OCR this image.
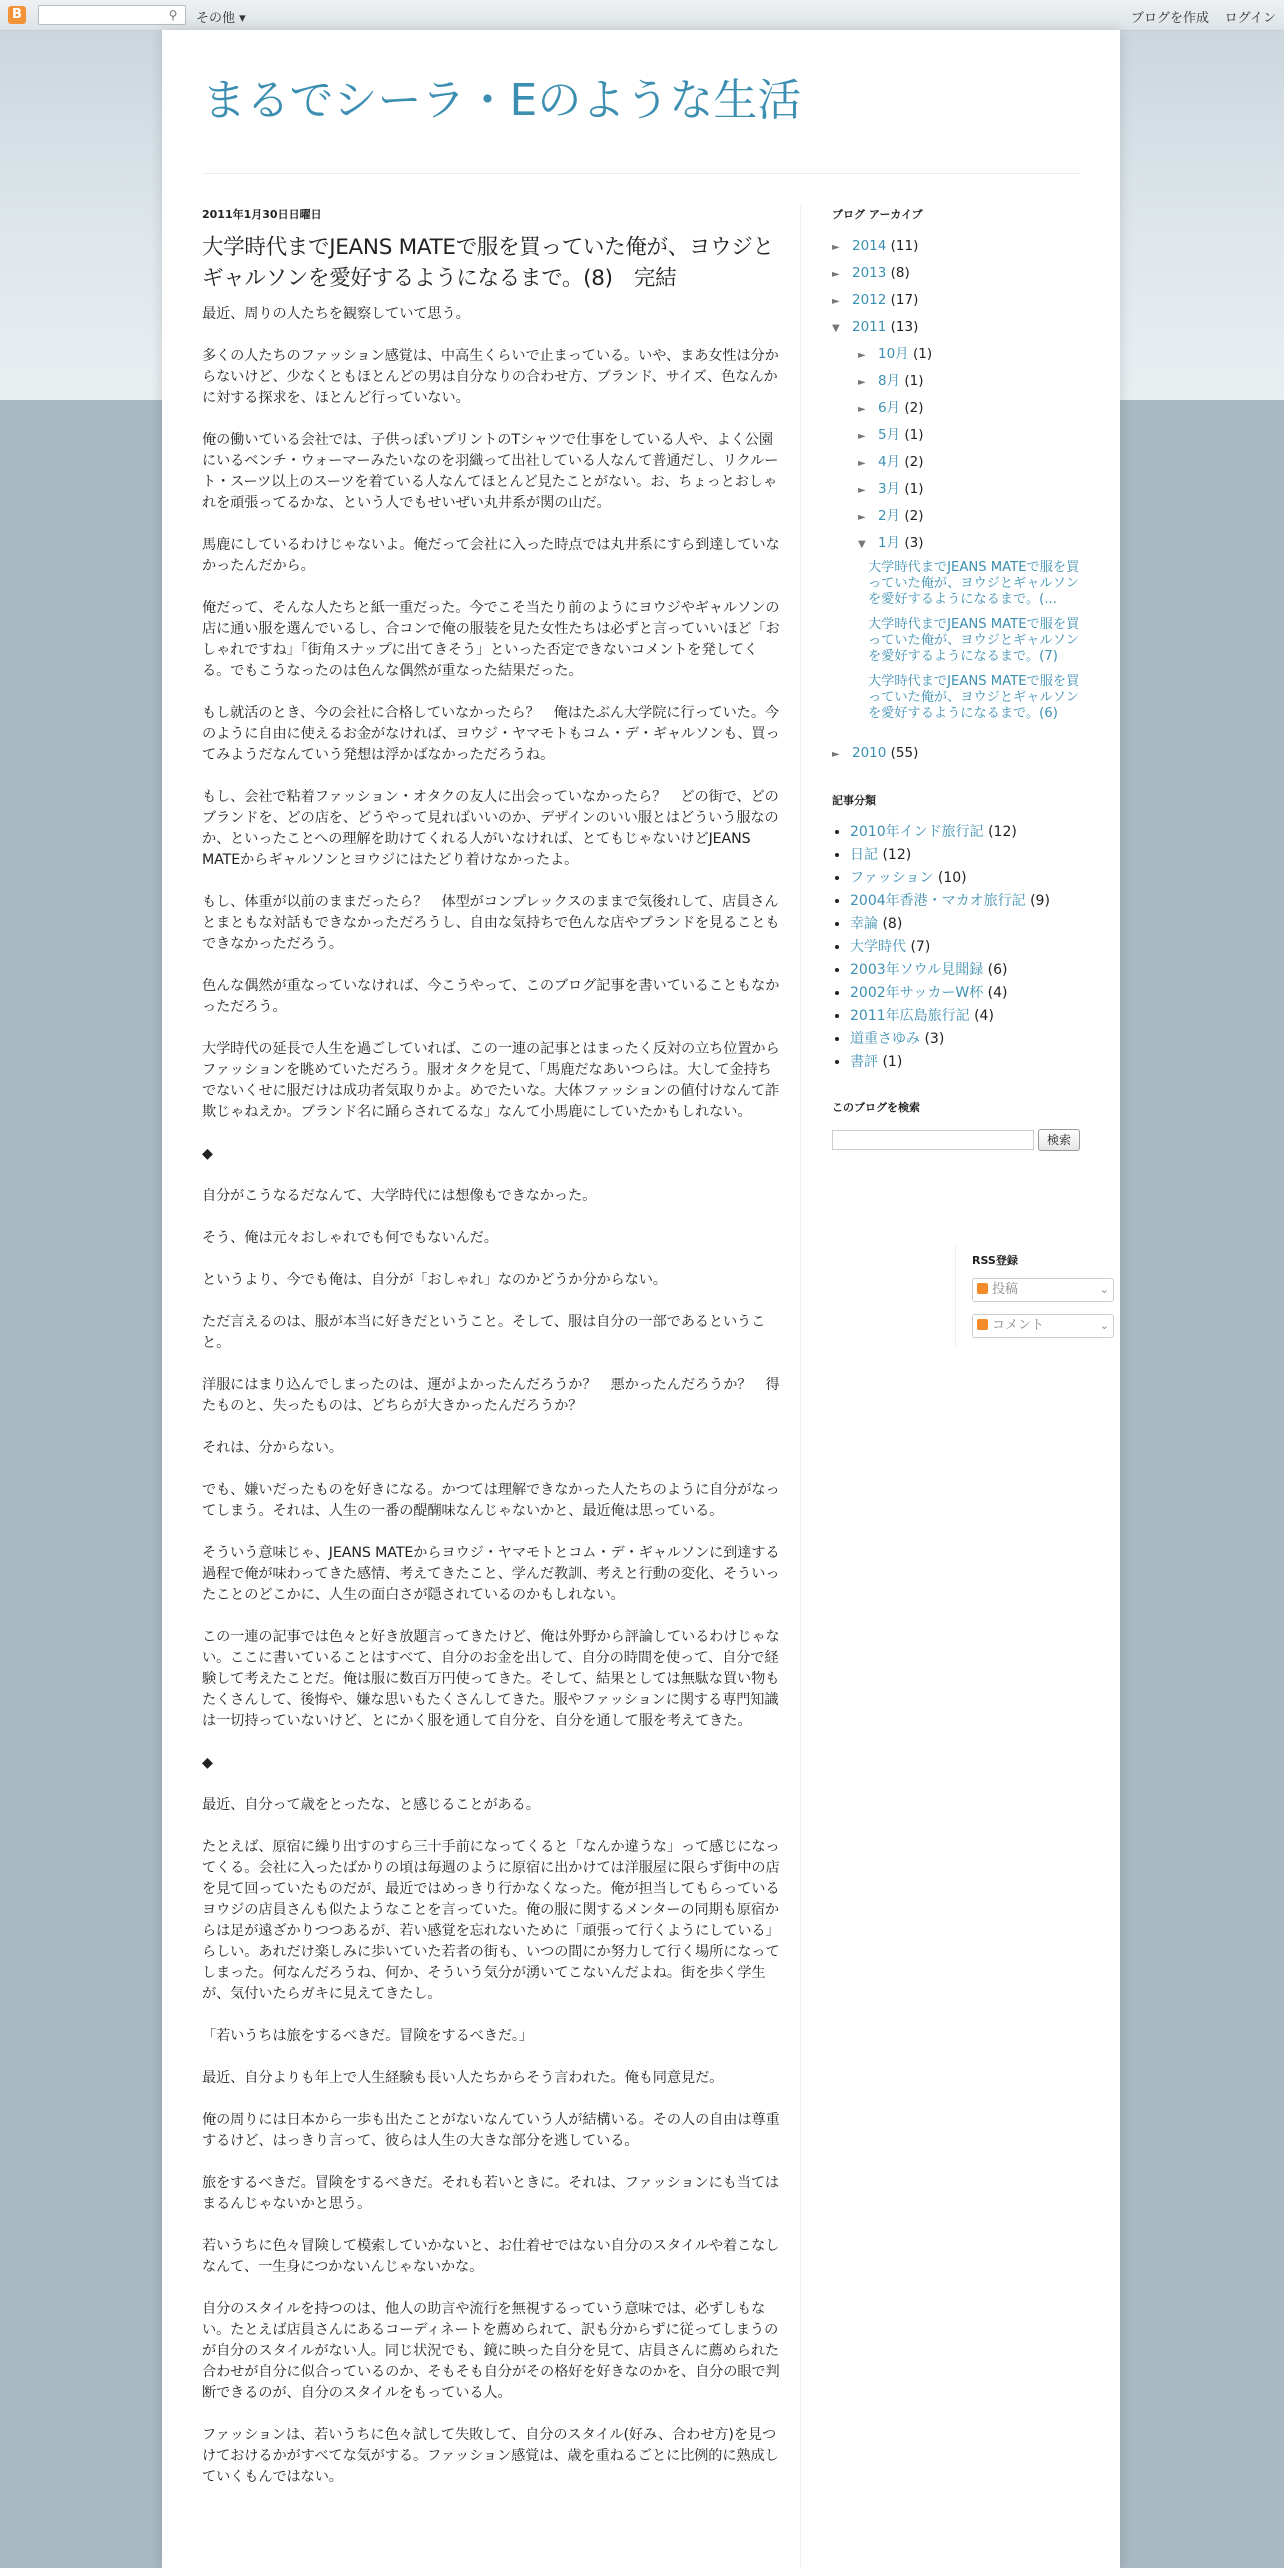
B	⚲	その他 ▾	ブログを作成 ログイン
まるでシーラ・Eのような生活
2011年1月30日日曜日
大学時代までJEANS MATEで服を買っていた俺が、ヨウジとギャルソンを愛好するようになるまで。(8)　完結
最近、周りの人たちを観察していて思う。
多くの人たちのファッション感覚は、中高生くらいで止まっている。いや、まあ女性は分からないけど、少なくともほとんどの男は自分なりの合わせ方、ブランド、サイズ、色なんかに対する探求を、ほとんど行っていない。
俺の働いている会社では、子供っぽいプリントのTシャツで仕事をしている人や、よく公園にいるベンチ・ウォーマーみたいなのを羽織って出社している人なんて普通だし、リクルート・スーツ以上のスーツを着ている人なんてほとんど見たことがない。お、ちょっとおしゃれを頑張ってるかな、という人でもせいぜい丸井系が関の山だ。
馬鹿にしているわけじゃないよ。俺だって会社に入った時点では丸井系にすら到達していなかったんだから。
俺だって、そんな人たちと紙一重だった。今でこそ当たり前のようにヨウジやギャルソンの店に通い服を選んでいるし、合コンで俺の服装を見た女性たちは必ずと言っていいほど「おしゃれですね」「街角スナップに出てきそう」といった否定できないコメントを発してくる。でもこうなったのは色んな偶然が重なった結果だった。
もし就活のとき、今の会社に合格していなかったら？　俺はたぶん大学院に行っていた。今のように自由に使えるお金がなければ、ヨウジ・ヤマモトもコム・デ・ギャルソンも、買ってみようだなんていう発想は浮かばなかっただろうね。
もし、会社で粘着ファッション・オタクの友人に出会っていなかったら？　どの街で、どのブランドを、どの店を、どうやって見ればいいのか、デザインのいい服とはどういう服なのか、といったことへの理解を助けてくれる人がいなければ、とてもじゃないけどJEANS MATEからギャルソンとヨウジにはたどり着けなかったよ。
もし、体重が以前のままだったら？　体型がコンプレックスのままで気後れして、店員さんとまともな対話もできなかっただろうし、自由な気持ちで色んな店やブランドを見ることもできなかっただろう。
色んな偶然が重なっていなければ、今こうやって、このブログ記事を書いていることもなかっただろう。
大学時代の延長で人生を過ごしていれば、この一連の記事とはまったく反対の立ち位置からファッションを眺めていただろう。服オタクを見て、「馬鹿だなあいつらは。大して金持ちでないくせに服だけは成功者気取りかよ。めでたいな。大体ファッションの値付けなんて詐欺じゃねえか。ブランド名に踊らされてるな」なんて小馬鹿にしていたかもしれない。
◆
自分がこうなるだなんて、大学時代には想像もできなかった。
そう、俺は元々おしゃれでも何でもないんだ。
というより、今でも俺は、自分が「おしゃれ」なのかどうか分からない。
ただ言えるのは、服が本当に好きだということ。そして、服は自分の一部であるということ。
洋服にはまり込んでしまったのは、運がよかったんだろうか？　悪かったんだろうか？　得たものと、失ったものは、どちらが大きかったんだろうか？
それは、分からない。
でも、嫌いだったものを好きになる。かつては理解できなかった人たちのように自分がなってしまう。それは、人生の一番の醍醐味なんじゃないかと、最近俺は思っている。
そういう意味じゃ、JEANS MATEからヨウジ・ヤマモトとコム・デ・ギャルソンに到達する過程で俺が味わってきた感情、考えてきたこと、学んだ教訓、考えと行動の変化、そういったことのどこかに、人生の面白さが隠されているのかもしれない。
この一連の記事では色々と好き放題言ってきたけど、俺は外野から評論しているわけじゃない。ここに書いていることはすべて、自分のお金を出して、自分の時間を使って、自分で経験して考えたことだ。俺は服に数百万円使ってきた。そして、結果としては無駄な買い物もたくさんして、後悔や、嫌な思いもたくさんしてきた。服やファッションに関する専門知識は一切持っていないけど、とにかく服を通して自分を、自分を通して服を考えてきた。
◆
最近、自分って歳をとったな、と感じることがある。
たとえば、原宿に繰り出すのすら三十手前になってくると「なんか違うな」って感じになってくる。会社に入ったばかりの頃は毎週のように原宿に出かけては洋服屋に限らず街中の店を見て回っていたものだが、最近ではめっきり行かなくなった。俺が担当してもらっているヨウジの店員さんも似たようなことを言っていた。俺の服に関するメンターの同期も原宿からは足が遠ざかりつつあるが、若い感覚を忘れないために「頑張って行くようにしている」らしい。あれだけ楽しみに歩いていた若者の街も、いつの間にか努力して行く場所になってしまった。何なんだろうね、何か、そういう気分が湧いてこないんだよね。街を歩く学生が、気付いたらガキに見えてきたし。
「若いうちは旅をするべきだ。冒険をするべきだ。」
最近、自分よりも年上で人生経験も長い人たちからそう言われた。俺も同意見だ。
俺の周りには日本から一歩も出たことがないなんていう人が結構いる。その人の自由は尊重するけど、はっきり言って、彼らは人生の大きな部分を逃している。
旅をするべきだ。冒険をするべきだ。それも若いときに。それは、ファッションにも当てはまるんじゃないかと思う。
若いうちに色々冒険して模索していかないと、お仕着せではない自分のスタイルや着こなしなんて、一生身につかないんじゃないかな。
自分のスタイルを持つのは、他人の助言や流行を無視するっていう意味では、必ずしもない。たとえば店員さんにあるコーディネートを薦められて、訳も分からずに従ってしまうのが自分のスタイルがない人。同じ状況でも、鏡に映った自分を見て、店員さんに薦められた合わせが自分に似合っているのか、そもそも自分がその格好を好きなのかを、自分の眼で判断できるのが、自分のスタイルをもっている人。
ファッションは、若いうちに色々試して失敗して、自分のスタイル(好み、合わせ方)を見つけておけるかがすべてな気がする。ファッション感覚は、歳を重ねるごとに比例的に熟成していくもんではない。
ブログ アーカイブ
► 2014 (11)
► 2013 (8)
► 2012 (17)
▼ 2011 (13)
► 10月 (1)
► 8月 (1)
► 6月 (2)
► 5月 (1)
► 4月 (2)
► 3月 (1)
► 2月 (2)
▼ 1月 (3)
大学時代までJEANS MATEで服を買っていた俺が、ヨウジとギャルソンを愛好するようになるまで。(...
大学時代までJEANS MATEで服を買っていた俺が、ヨウジとギャルソンを愛好するようになるまで。(7)
大学時代までJEANS MATEで服を買っていた俺が、ヨウジとギャルソンを愛好するようになるまで。(6)
► 2010 (55)
記事分類
• 2010年インド旅行記 (12)
• 日記 (12)
• ファッション (10)
• 2004年香港・マカオ旅行記 (9)
• 幸論 (8)
• 大学時代 (7)
• 2003年ソウル見聞録 (6)
• 2002年サッカーW杯 (4)
• 2011年広島旅行記 (4)
• 道重さゆみ (3)
• 書評 (1)
このブログを検索
検索
RSS登録
投稿	⌄
コメント	⌄
